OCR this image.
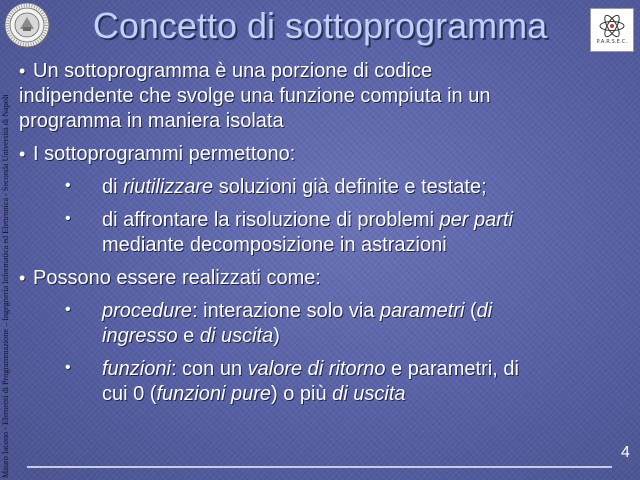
Concetto di sottoprogramma	P.A.R.S.E.C.
Mauro Iacono - Elementi di Programmazione – Ingegneria Informatica ed Elettronica - Seconda Università di Napoli
• Un sottoprogramma è una porzione di codice
indipendente che svolge una funzione compiuta in un
programma in maniera isolata
• I sottoprogrammi permettono:
• di riutilizzare soluzioni già definite e testate;
• di affrontare la risoluzione di problemi per parti
mediante decomposizione in astrazioni
• Possono essere realizzati come:
• procedure: interazione solo via parametri (di
ingresso e di uscita)
• funzioni: con un valore di ritorno e parametri, di
cui 0 (funzioni pure) o più di uscita
4
